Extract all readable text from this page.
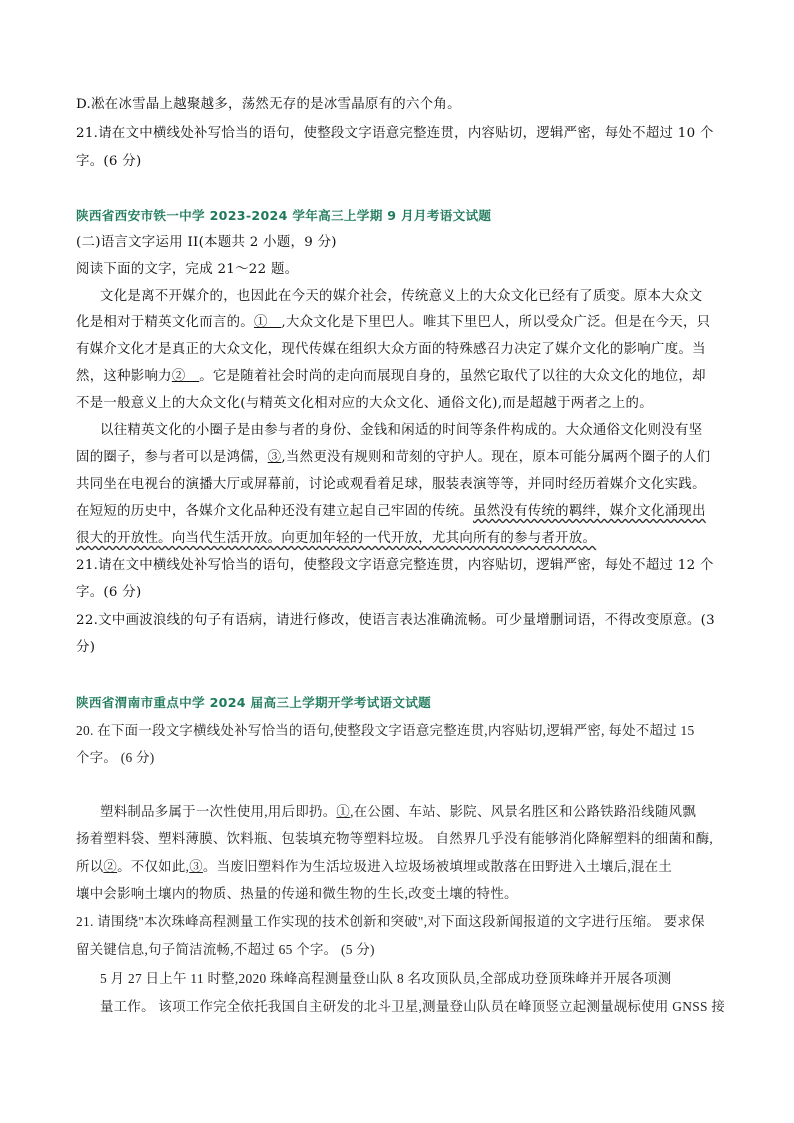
D.凇在冰雪晶上越聚越多，荡然无存的是冰雪晶原有的六个角。
21.请在文中横线处补写恰当的语句，使整段文字语意完整连贯，内容贴切，逻辑严密，每处不超过 10 个
字。(6 分)
陕西省西安市铁一中学 2023-2024 学年高三上学期 9 月月考语文试题
(二)语言文字运用 II(本题共 2 小题，9 分)
阅读下面的文字，完成 21～22 题。
文化是离不开媒介的，也因此在今天的媒介社会，传统意义上的大众文化已经有了质变。原本大众文
化是相对于精英文化而言的。①　,大众文化是下里巴人。唯其下里巴人，所以受众广泛。但是在今天，只
有媒介文化才是真正的大众文化，现代传媒在组织大众方面的特殊感召力决定了媒介文化的影响广度。当
然，这种影响力②　。它是随着社会时尚的走向而展现自身的，虽然它取代了以往的大众文化的地位，却
不是一般意义上的大众文化(与精英文化相对应的大众文化、通俗文化),而是超越于两者之上的。
以往精英文化的小圈子是由参与者的身份、金钱和闲适的时间等条件构成的。大众通俗文化则没有坚
固的圈子，参与者可以是鸿儒，③,当然更没有规则和苛刻的守护人。现在，原本可能分属两个圈子的人们
共同坐在电视台的演播大厅或屏幕前，讨论或观看着足球，服装表演等等，并同时经历着媒介文化实践。
在短短的历史中，各媒介文化品种还没有建立起自己牢固的传统。虽然没有传统的羁绊，媒介文化涌现出
很大的开放性。向当代生活开放。向更加年轻的一代开放，尤其向所有的参与者开放。
21.请在文中横线处补写恰当的语句，使整段文字语意完整连贯，内容贴切，逻辑严密，每处不超过 12 个
字。(6 分)
22.文中画波浪线的句子有语病，请进行修改，使语言表达准确流畅。可少量增删词语，不得改变原意。(3
分)
陕西省渭南市重点中学 2024 届高三上学期开学考试语文试题
20. 在下面一段文字横线处补写恰当的语句,使整段文字语意完整连贯,内容贴切,逻辑严密, 每处不超过 15
个字。 (6 分)
塑料制品多属于一次性使用,用后即扔。①,在公園、车站、影院、风景名胜区和公路铁路沿线随风飘
扬着塑料袋、塑料薄膜、饮料瓶、包装填充物等塑料垃圾。 自然界几乎没有能够消化降解塑料的细菌和酶,
所以②。不仅如此,③。当废旧塑料作为生活垃圾进入垃圾场被填埋或散落在田野进入土壤后,混在土
壤中会影响土壤内的物质、热量的传递和微生物的生长,改变土壤的特性。
21. 请围绕"本次珠峰高程测量工作实现的技术创新和突破",对下面这段新闻报道的文字进行压缩。 要求保
留关键信息,句子简洁流畅,不超过 65 个字。 (5 分)
5 月 27 日上午 11 时整,2020 珠峰高程测量登山队 8 名攻顶队员,全部成功登顶珠峰并开展各项测
量工作。 该项工作完全依托我国自主研发的北斗卫星,测量登山队员在峰顶竖立起测量觇标使用 GNSS 接
